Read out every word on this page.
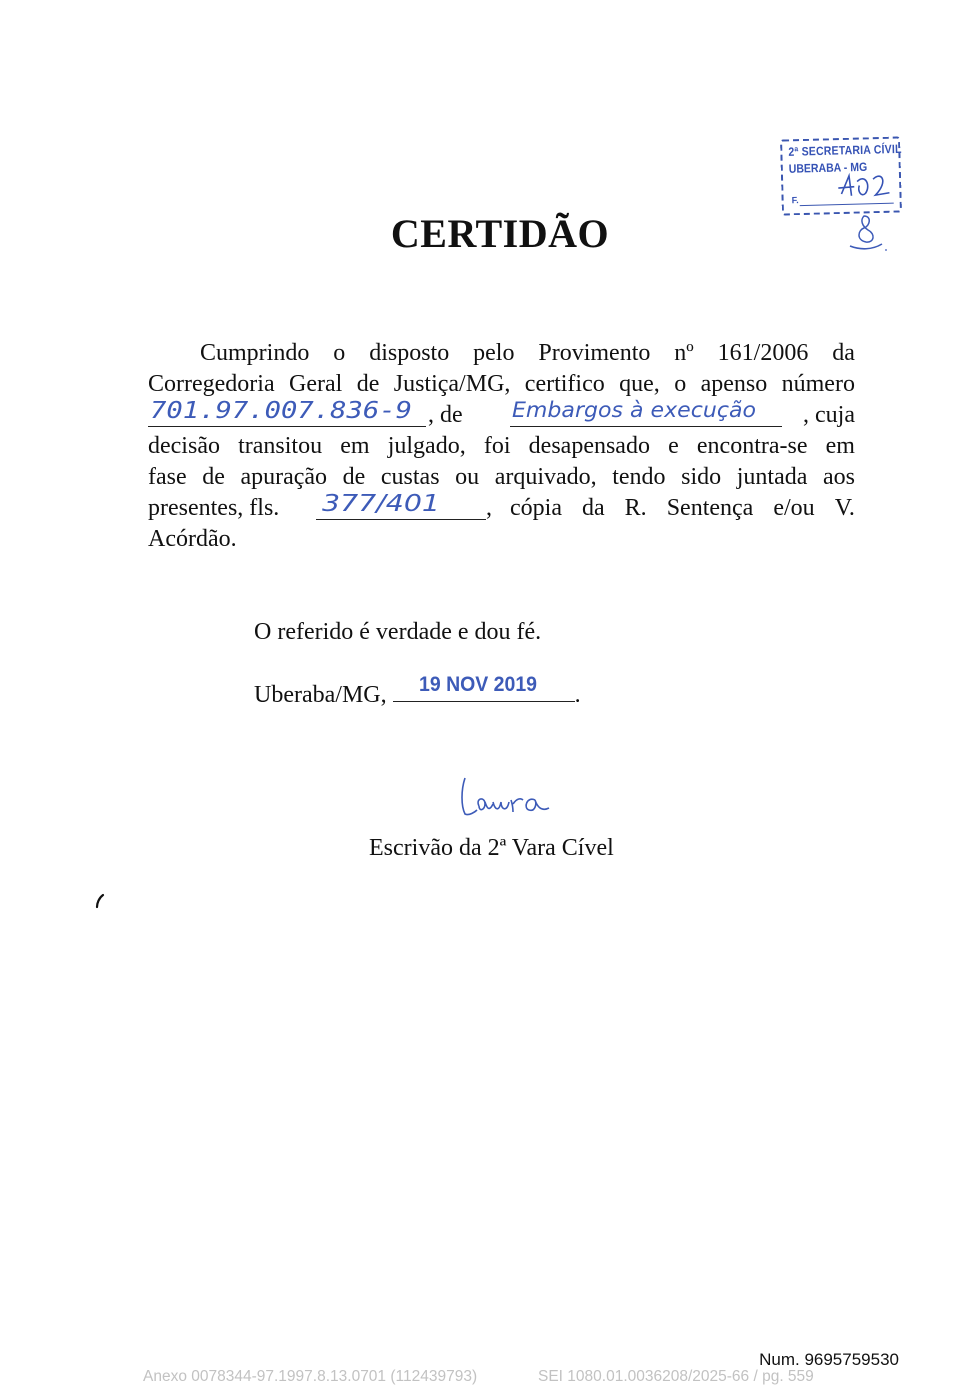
2ª SECRETARIA CÍVIL
UBERABA - MG
F.
CERTIDÃO
Cumprindo o disposto pelo Provimento nº 161/2006 da
Corregedoria Geral de Justiça/MG, certifico que, o apenso número
701.97.007.836-9 , de Embargos à execução , cuja
decisão transitou em julgado, foi desapensado e encontra-se em
fase de apuração de custas ou arquivado, tendo sido juntada aos
presentes, fls. 377/401 , cópia da R. Sentença e/ou V.
Acórdão.
O referido é verdade e dou fé.
Uberaba/MG, 19 NOV 2019 .
Escrivão da 2ª Vara Cível
Num. 9695759530
Anexo 0078344-97.1997.8.13.0701 (112439793)	SEI 1080.01.0036208/2025-66 / pg. 559
